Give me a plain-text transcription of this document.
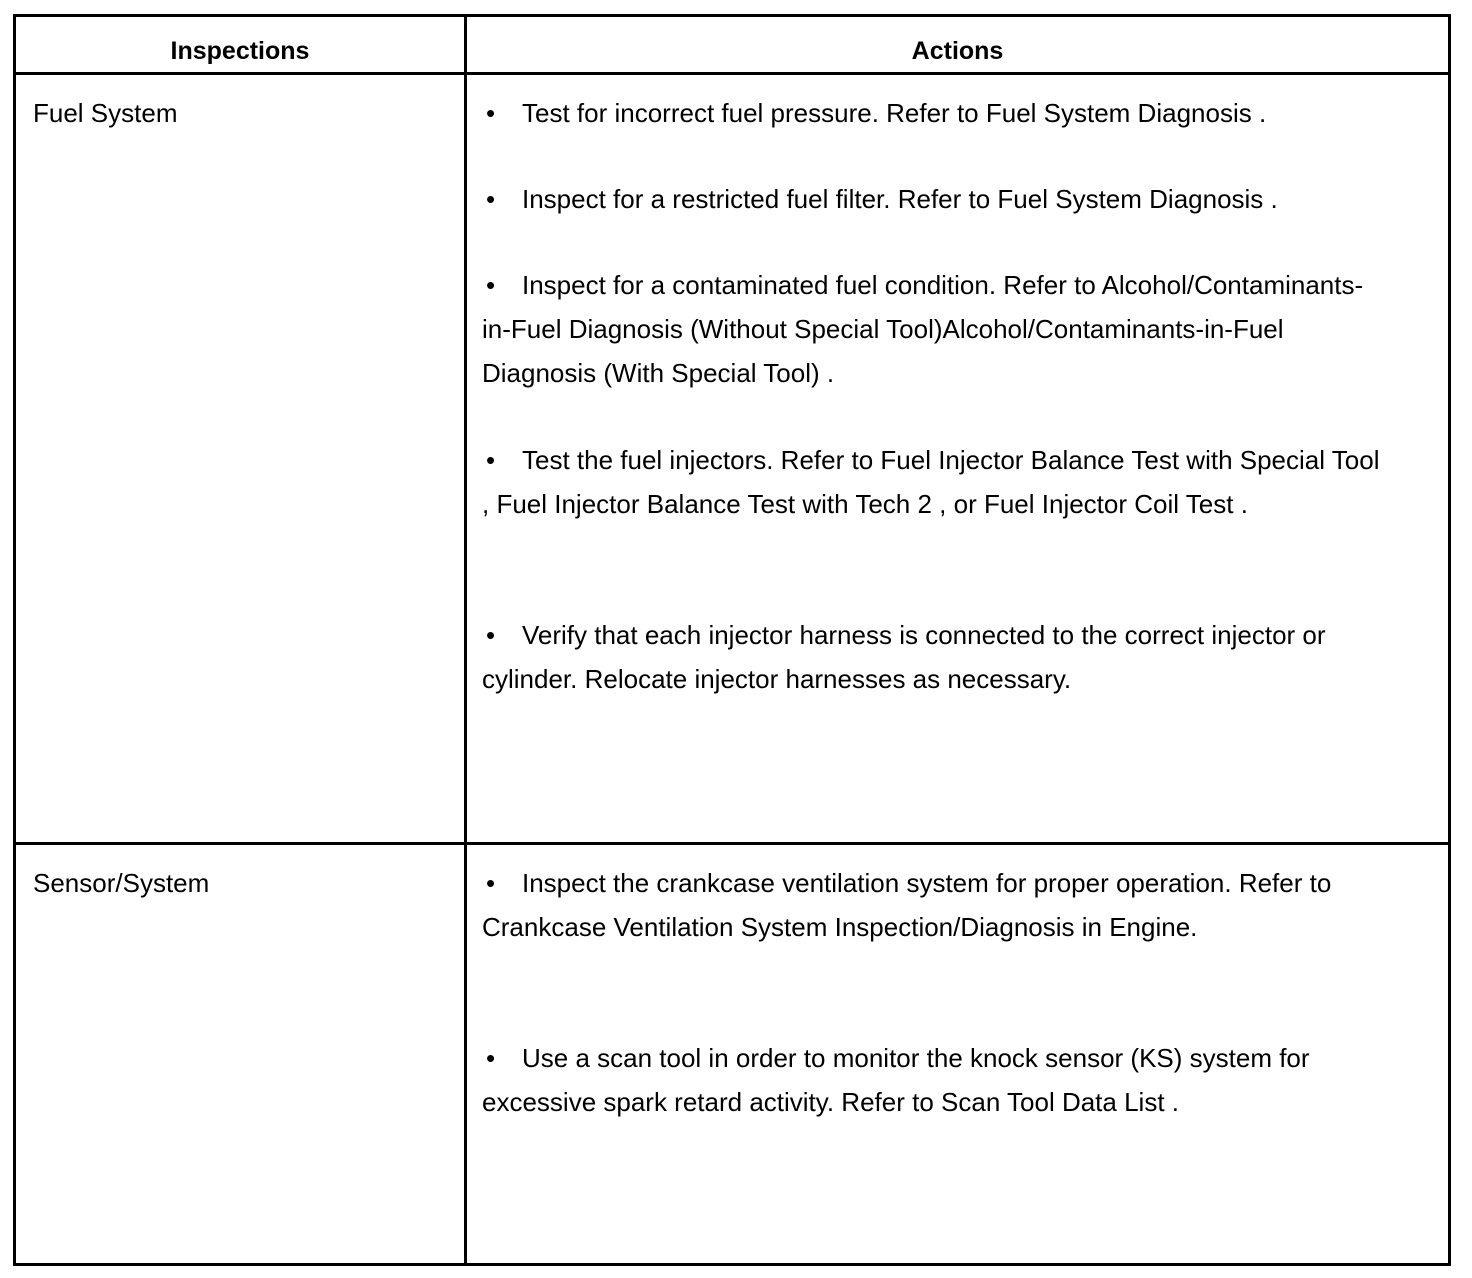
Inspections	Actions
Fuel System	• Test for incorrect fuel pressure. Refer to Fuel System Diagnosis .
• Inspect for a restricted fuel filter. Refer to Fuel System Diagnosis .
• Inspect for a contaminated fuel condition. Refer to Alcohol/Contaminants-in-Fuel Diagnosis (Without Special Tool)Alcohol/Contaminants-in-Fuel Diagnosis (With Special Tool) .
• Test the fuel injectors. Refer to Fuel Injector Balance Test with Special Tool , Fuel Injector Balance Test with Tech 2 , or Fuel Injector Coil Test .
• Verify that each injector harness is connected to the correct injector or cylinder. Relocate injector harnesses as necessary.
Sensor/System	• Inspect the crankcase ventilation system for proper operation. Refer to Crankcase Ventilation System Inspection/Diagnosis in Engine.
• Use a scan tool in order to monitor the knock sensor (KS) system for excessive spark retard activity. Refer to Scan Tool Data List .
